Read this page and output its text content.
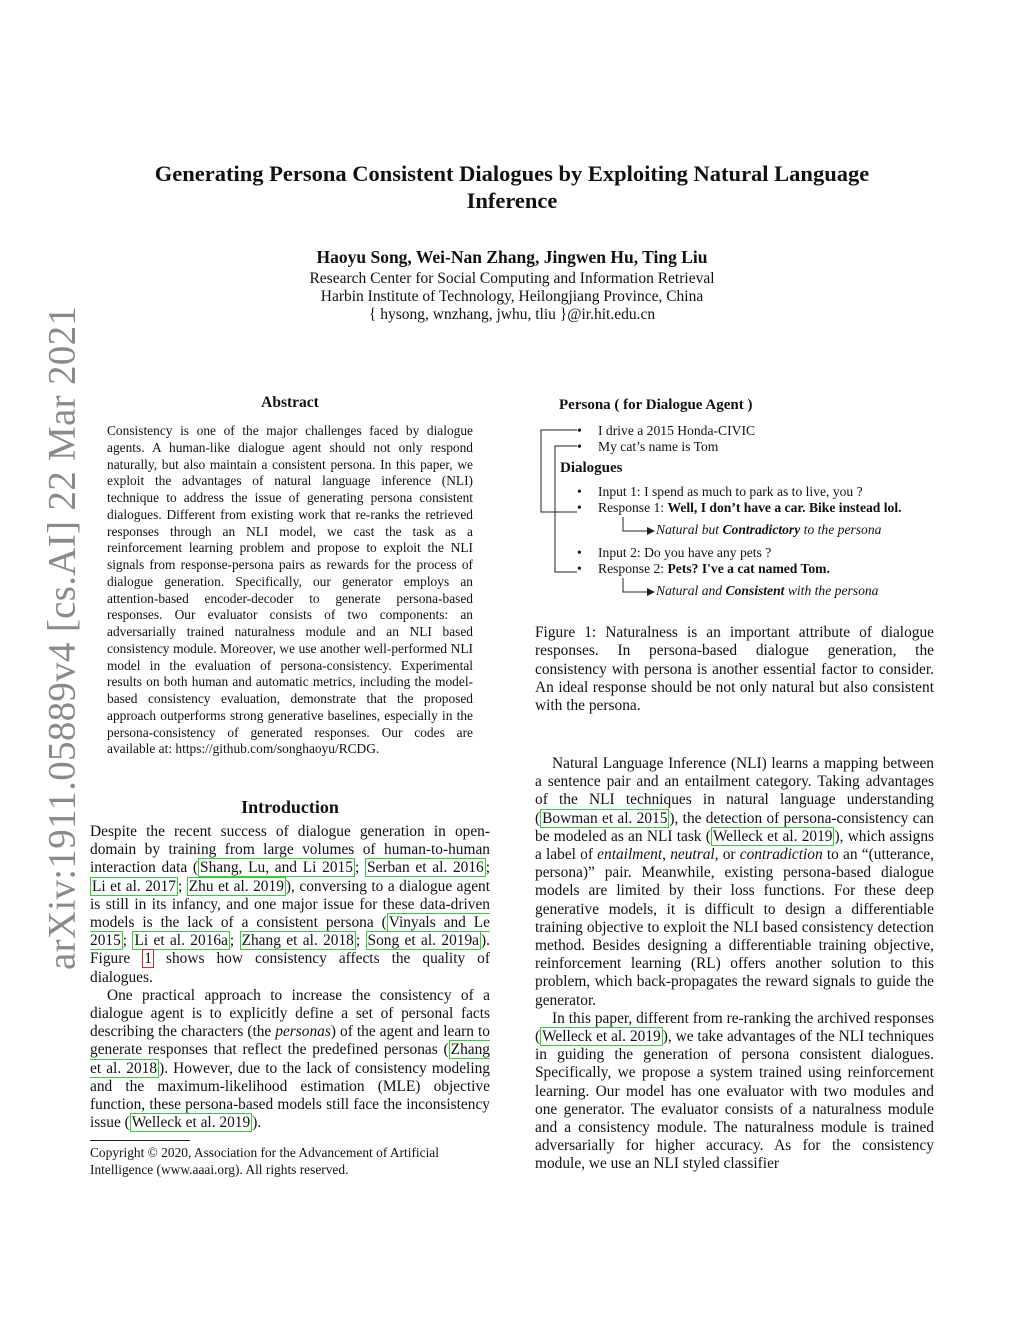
arXiv:1911.05889v4 [cs.AI] 22 Mar 2021
Generating Persona Consistent Dialogues by Exploiting Natural Language Inference
Haoyu Song, Wei-Nan Zhang, Jingwen Hu, Ting Liu
Research Center for Social Computing and Information Retrieval
Harbin Institute of Technology, Heilongjiang Province, China
{ hysong, wnzhang, jwhu, tliu }@ir.hit.edu.cn
Abstract

Consistency is one of the major challenges faced by dialogue agents. A human-like dialogue agent should not only respond naturally, but also maintain a consistent persona. In this paper, we exploit the advantages of natural language inference (NLI) technique to address the issue of generating persona consistent dialogues. Different from existing work that re-ranks the retrieved responses through an NLI model, we cast the task as a reinforcement learning problem and propose to exploit the NLI signals from response-persona pairs as rewards for the process of dialogue generation. Specifically, our generator employs an attention-based encoder-decoder to generate persona-based responses. Our evaluator consists of two components: an adversarially trained naturalness module and an NLI based consistency module. Moreover, we use another well-performed NLI model in the evaluation of persona-consistency. Experimental results on both human and automatic metrics, including the model-based consistency evaluation, demonstrate that the proposed approach outperforms strong generative baselines, especially in the persona-consistency of generated responses. Our codes are available at: https://github.com/songhaoyu/RCDG.

Introduction

Despite the recent success of dialogue generation in open-domain by training from large volumes of human-to-human interaction data ( Shang, Lu, and Li 2015 ; Serban et al. 2016 ; Li et al. 2017 ; Zhu et al. 2019 ), conversing to a dialogue agent is still in its infancy, and one major issue for these data-driven models is the lack of a consistent persona ( Vinyals and Le 2015 ; Li et al. 2016a ; Zhang et al. 2018 ; Song et al. 2019a ). Figure 1 shows how consistency affects the quality of dialogues.

One practical approach to increase the consistency of a dialogue agent is to explicitly define a set of personal facts describing the characters (the personas) of the agent and learn to generate responses that reflect the predefined personas ( Zhang et al. 2018 ). However, due to the lack of consistency modeling and the maximum-likelihood estimation (MLE) objective function, these persona-based models still face the inconsistency issue ( Welleck et al. 2019 ).

Copyright © 2020, Association for the Advancement of Artificial Intelligence (www.aaai.org). All rights reserved.

Persona ( for Dialogue Agent )
• I drive a 2015 Honda-CIVIC
• My cat’s name is Tom
Dialogues
• Input 1: I spend as much to park as to live, you ?
• Response 1: Well, I don’t have a car. Bike instead lol.
Natural but Contradictory to the persona
• Input 2: Do you have any pets ?
• Response 2: Pets? I've a cat named Tom.
Natural and Consistent with the persona

Figure 1: Naturalness is an important attribute of dialogue responses. In persona-based dialogue generation, the consistency with persona is another essential factor to consider. An ideal response should be not only natural but also consistent with the persona.

Natural Language Inference (NLI) learns a mapping between a sentence pair and an entailment category. Taking advantages of the NLI techniques in natural language understanding ( Bowman et al. 2015 ), the detection of persona-consistency can be modeled as an NLI task ( Welleck et al. 2019 ), which assigns a label of entailment, neutral, or contradiction to an “(utterance, persona)” pair. Meanwhile, existing persona-based dialogue models are limited by their loss functions. For these deep generative models, it is difficult to design a differentiable training objective to exploit the NLI based consistency detection method. Besides designing a differentiable training objective, reinforcement learning (RL) offers another solution to this problem, which back-propagates the reward signals to guide the generator.

In this paper, different from re-ranking the archived responses ( Welleck et al. 2019 ), we take advantages of the NLI techniques in guiding the generation of persona consistent dialogues. Specifically, we propose a system trained using reinforcement learning. Our model has one evaluator with two modules and one generator. The evaluator consists of a naturalness module and a consistency module. The naturalness module is trained adversarially for higher accuracy. As for the consistency module, we use an NLI styled classifier
